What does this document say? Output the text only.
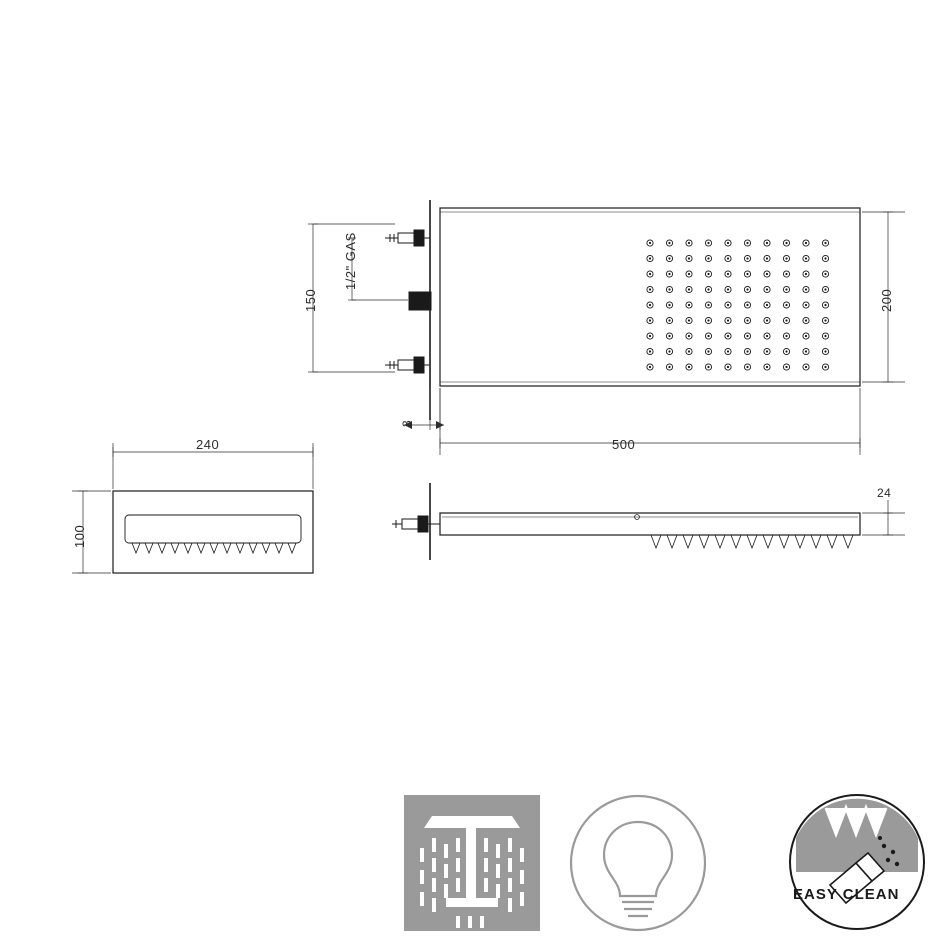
150
1/2" GAS
3
200
500
240
100
24
EASY CLEAN
